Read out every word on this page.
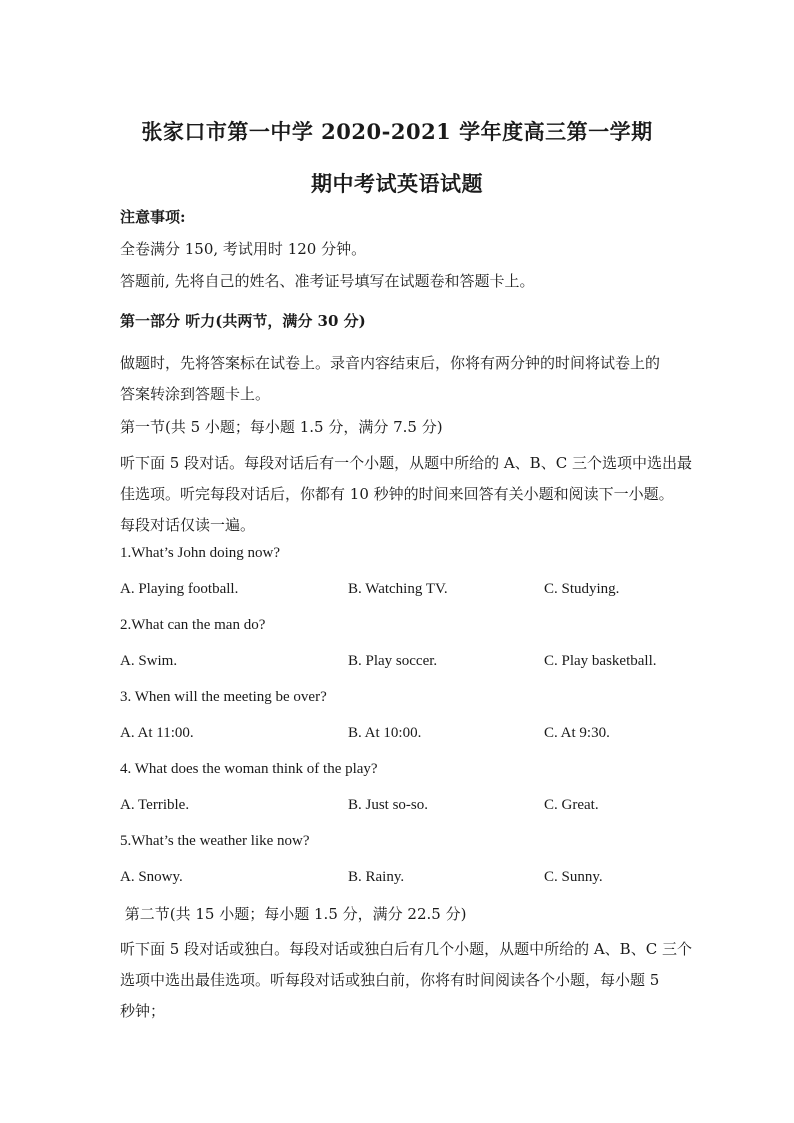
张家口市第一中学 2020-2021 学年度高三第一学期
期中考试英语试题
注意事项:
全卷满分 150, 考试用时 120 分钟。
答题前, 先将自己的姓名、准考证号填写在试题卷和答题卡上。
第一部分 听力(共两节，满分 30 分)
做题时，先将答案标在试卷上。录音内容结束后，你将有两分钟的时间将试卷上的
答案转涂到答题卡上。
第一节(共 5 小题；每小题 1.5 分，满分 7.5 分)
听下面 5 段对话。每段对话后有一个小题，从题中所给的 A、B、C 三个选项中选出最
佳选项。听完每段对话后，你都有 10 秒钟的时间来回答有关小题和阅读下一小题。
每段对话仅读一遍。
1.What’s John doing now?
A. Playing football.	B. Watching TV.	C. Studying.
2.What can the man do?
A. Swim.	B. Play soccer.	C. Play basketball.
3. When will the meeting be over?
A. At 11:00.	B. At 10:00.	C. At 9:30.
4. What does the woman think of the play?
A. Terrible.	B. Just so-so.	C. Great.
5.What’s the weather like now?
A. Snowy.	B. Rainy.	C. Sunny.
第二节(共 15 小题；每小题 1.5 分，满分 22.5 分)
听下面 5 段对话或独白。每段对话或独白后有几个小题，从题中所给的 A、B、C 三个
选项中选出最佳选项。听每段对话或独白前，你将有时间阅读各个小题，每小题 5
秒钟；
